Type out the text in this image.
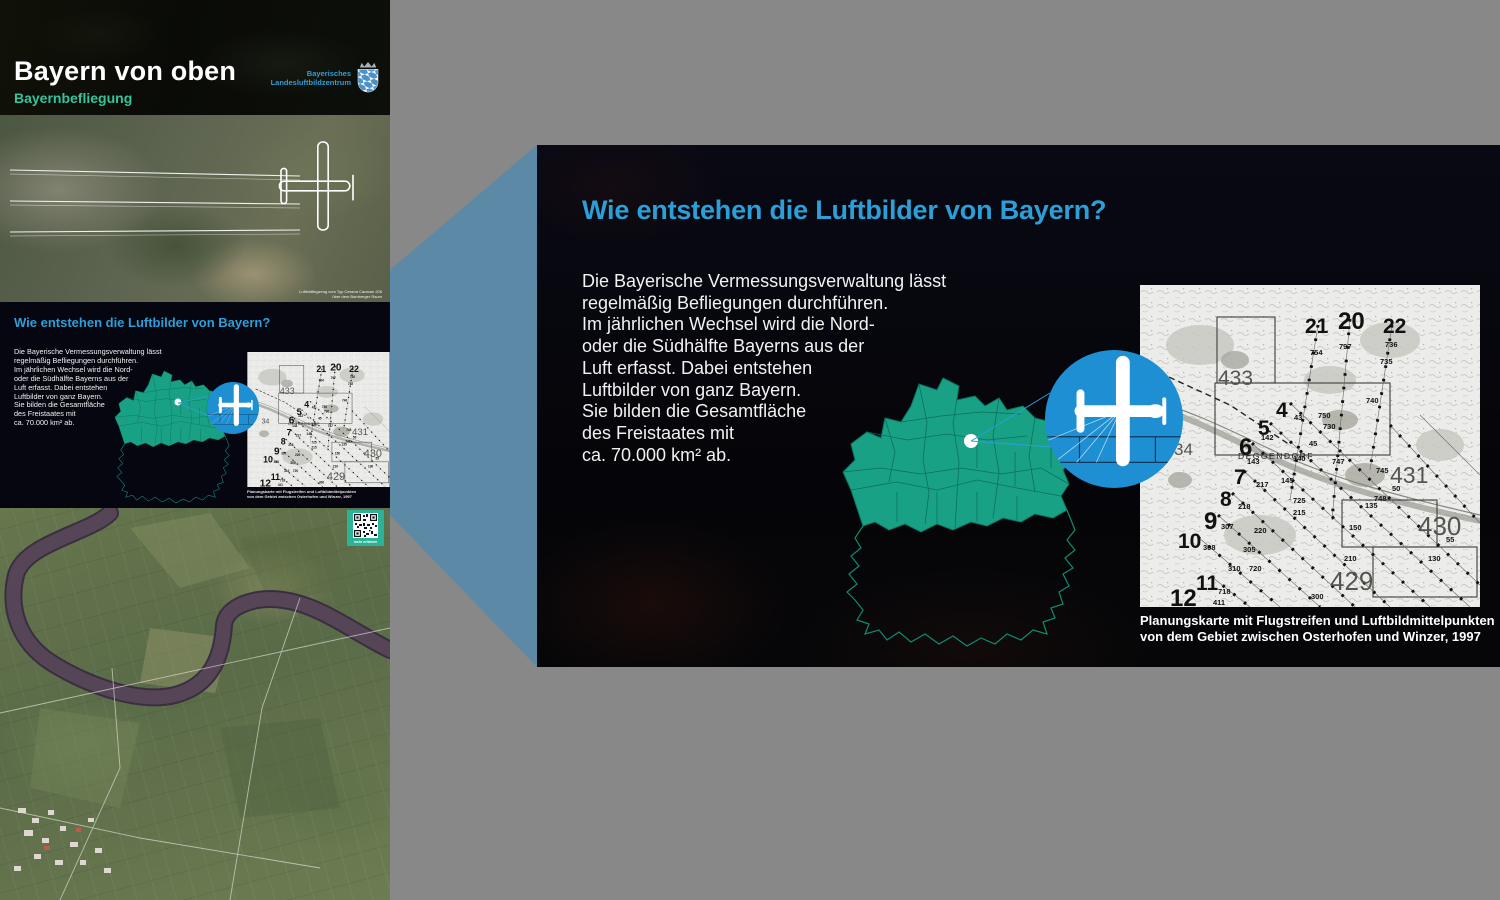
Bayern von oben
Bayernbefliegung
Bayerisches
Landesluftbildzentrum
Luftbildflugzeug vom Typ Cessna Caravan 208
über dem Bamberger Raum
Wie entstehen die Luftbilder von Bayern?
Die Bayerische Vermessungsverwaltung lässt
regelmäßig Befliegungen durchführen.
Im jährlichen Wechsel wird die Nord-
oder die Südhälfte Bayerns aus der
Luft erfasst. Dabei entstehen
Luftbilder von ganz Bayern.
Sie bilden die Gesamtfläche
des Freistaates mit
ca. 70.000 km² ab.
Planungskarte mit Flugstreifen und Luftbildmittelpunkten
von dem Gebiet zwischen Osterhofen und Winzer, 1997
mehr erfahren
Wie entstehen die Luftbilder von Bayern?
Die Bayerische Vermessungsverwaltung lässt
regelmäßig Befliegungen durchführen.
Im jährlichen Wechsel wird die Nord-
oder die Südhälfte Bayerns aus der
Luft erfasst. Dabei entstehen
Luftbilder von ganz Bayern.
Sie bilden die Gesamtfläche
des Freistaates mit
ca. 70.000 km² ab.
Planungskarte mit Flugstreifen und Luftbildmittelpunkten
von dem Gebiet zwischen Osterhofen und Winzer, 1997
